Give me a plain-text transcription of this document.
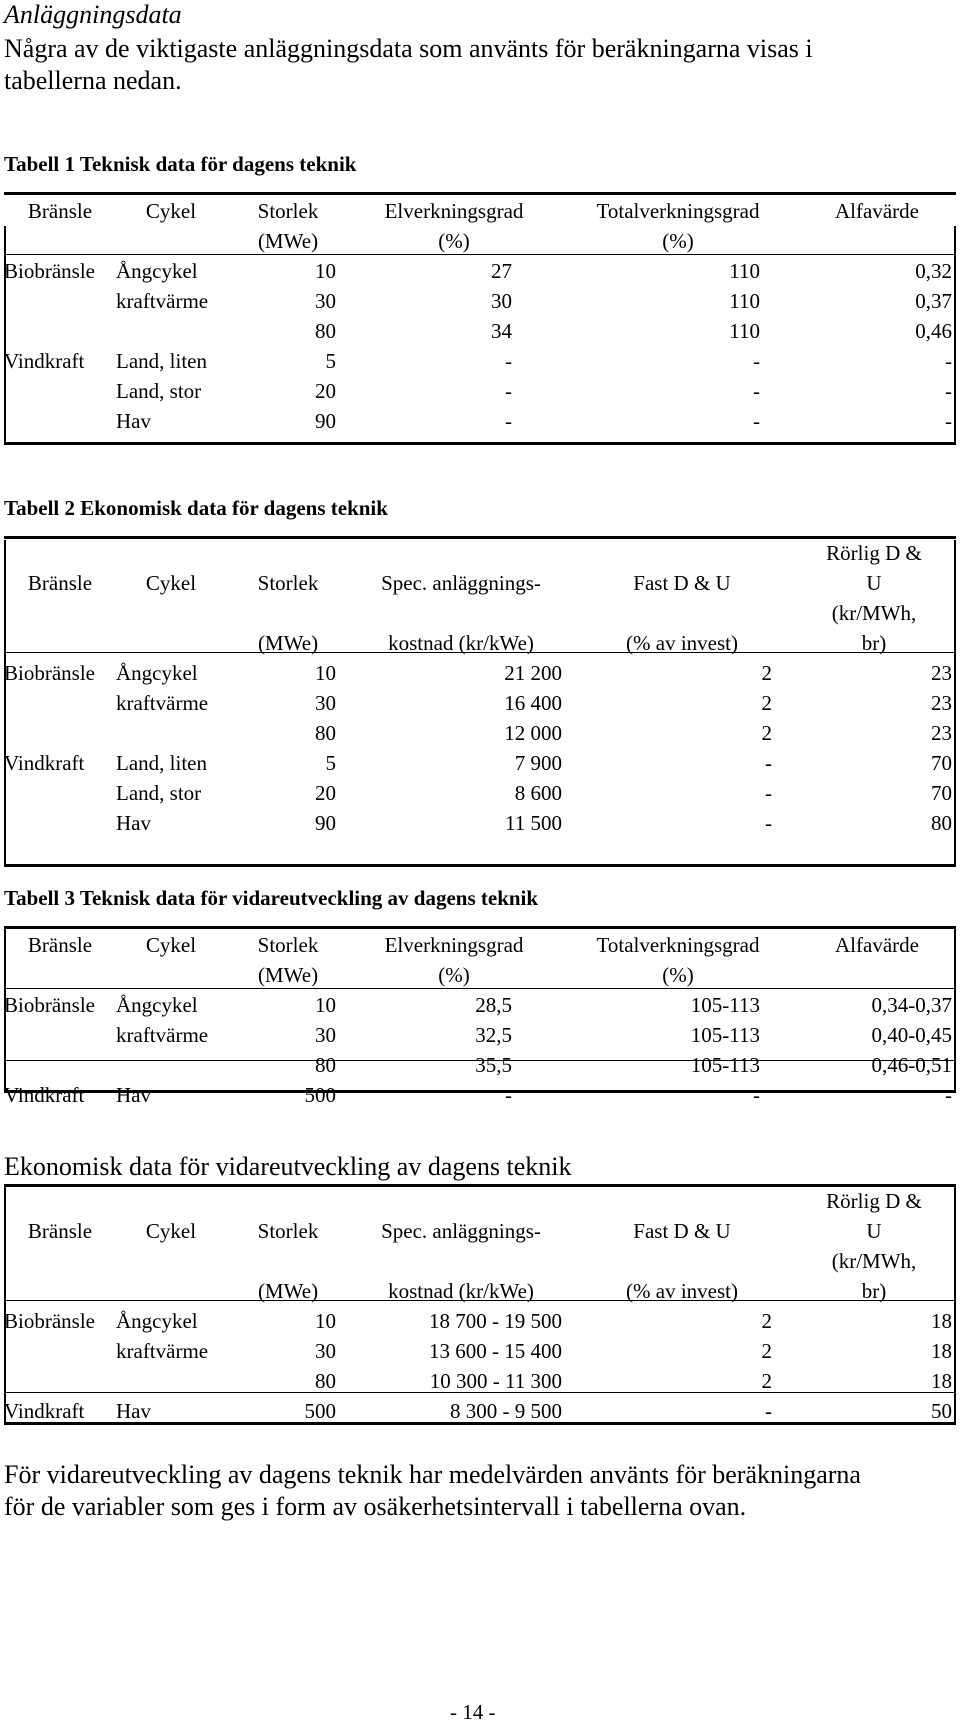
Anläggningsdata
Några av de viktigaste anläggningsdata som använts för beräkningarna visas i
tabellerna nedan.
Tabell 1 Teknisk data för dagens teknik
Bränsle	Cykel	Storlek	Elverkningsgrad	Totalverkningsgrad	Alfavärde
		(MWe)	(%)	(%)	
Biobränsle	Ångcykel	10	27	110	0,32
	kraftvärme	30	30	110	0,37
		80	34	110	0,46
Vindkraft	Land, liten	5	-	-	-
	Land, stor	20	-	-	-
	Hav	90	-	-	-
Tabell 2 Ekonomisk data för dagens teknik
					Rörlig D &
Bränsle	Cykel	Storlek	Spec. anläggnings-	Fast D & U	U
					(kr/MWh,
		(MWe)	kostnad (kr/kWe)	(% av invest)	br)
Biobränsle	Ångcykel	10	21 200	2	23
	kraftvärme	30	16 400	2	23
		80	12 000	2	23
Vindkraft	Land, liten	5	7 900	-	70
	Land, stor	20	8 600	-	70
	Hav	90	11 500	-	80
Tabell 3 Teknisk data för vidareutveckling av dagens teknik
Bränsle	Cykel	Storlek	Elverkningsgrad	Totalverkningsgrad	Alfavärde
		(MWe)	(%)	(%)	
Biobränsle	Ångcykel	10	28,5	105-113	0,34-0,37
	kraftvärme	30	32,5	105-113	0,40-0,45
		80	35,5	105-113	0,46-0,51
Vindkraft	Hav	500	-	-	-
Ekonomisk data för vidareutveckling av dagens teknik
					Rörlig D &
Bränsle	Cykel	Storlek	Spec. anläggnings-	Fast D & U	U
					(kr/MWh,
		(MWe)	kostnad (kr/kWe)	(% av invest)	br)
Biobränsle	Ångcykel	10	18 700 - 19 500	2	18
	kraftvärme	30	13 600 - 15 400	2	18
		80	10 300 - 11 300	2	18
Vindkraft	Hav	500	8 300 - 9 500	-	50
För vidareutveckling av dagens teknik har medelvärden använts för beräkningarna
för de variabler som ges i form av osäkerhetsintervall i tabellerna ovan.
- 14 -
